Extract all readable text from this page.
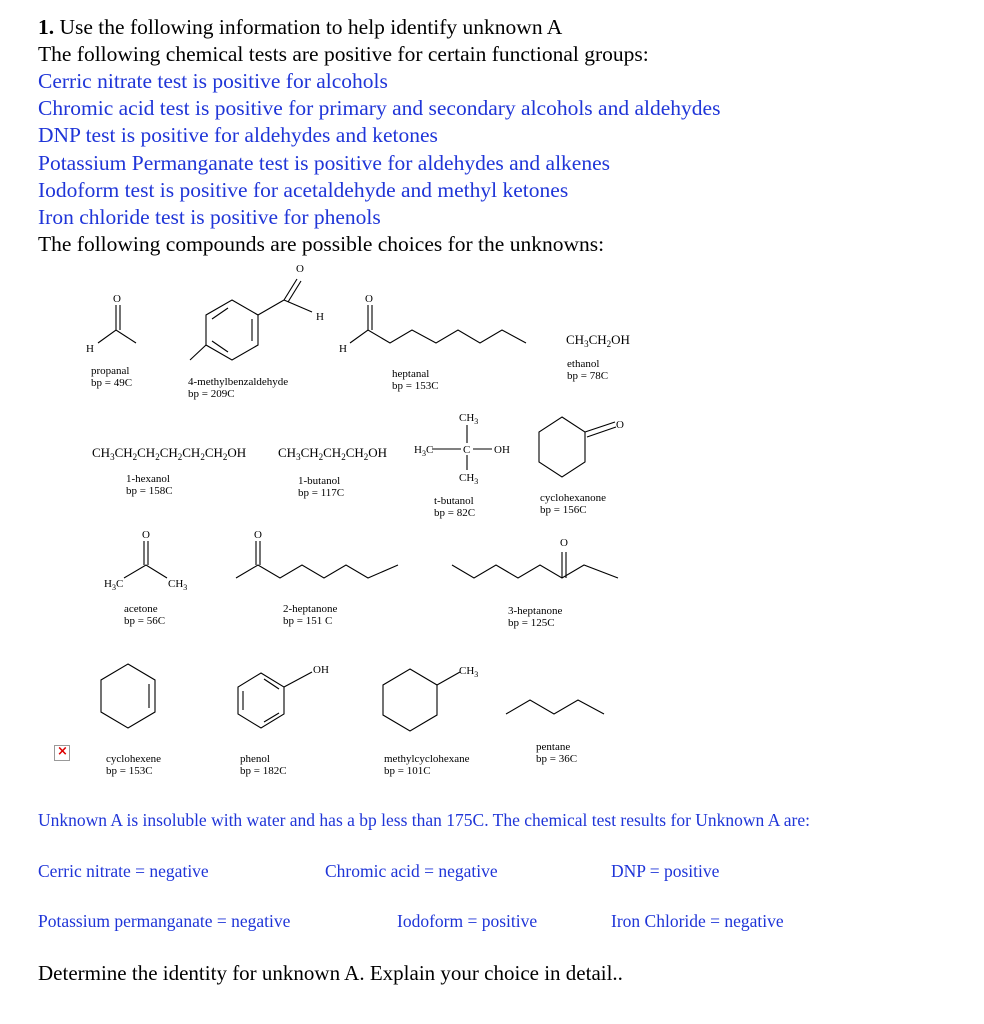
1. Use the following information to help identify unknown A
The following chemical tests are positive for certain functional groups:
Cerric nitrate test is positive for alcohols
Chromic acid test is positive for primary and secondary alcohols and aldehydes
DNP test is positive for aldehydes and ketones
Potassium Permanganate test is positive for aldehydes and alkenes
Iodoform test is positive for acetaldehyde and methyl ketones
Iron chloride test is positive for phenols
The following compounds are possible choices for the unknowns:
O
H
propanal
bp = 49C
O
H
4-methylbenzaldehyde
bp = 209C
O
H
heptanal
bp = 153C
$CH_3CH_2OH$
ethanol
bp = 78C
$CH_3CH_2CH_2CH_2CH_2CH_2OH$
1-hexanol
bp = 158C
$CH_3CH_2CH_2CH_2OH$
1-butanol
bp = 117C
$CH_3$
$H_3C$	C OH
$CH_3$
t-butanol
bp = 82C
O
cyclohexanone
bp = 156C
$H_3C$
O
$CH_3$
acetone
bp = 56C
O
2-heptanone
bp = 151 C
O
3-heptanone
bp = 125C
cyclohexene
bp = 153C
OH
phenol
bp = 182C
$CH_3$
methylcyclohexane
bp = 101C
pentane
bp = 36C
×
Unknown A is insoluble with water and has a bp less than 175C. The chemical test results for Unknown A are:
Cerric nitrate = negative	Chromic acid = negative	DNP = positive
Potassium permanganate = negative	Iodoform = positive	Iron Chloride = negative
Determine the identity for unknown A. Explain your choice in detail..
